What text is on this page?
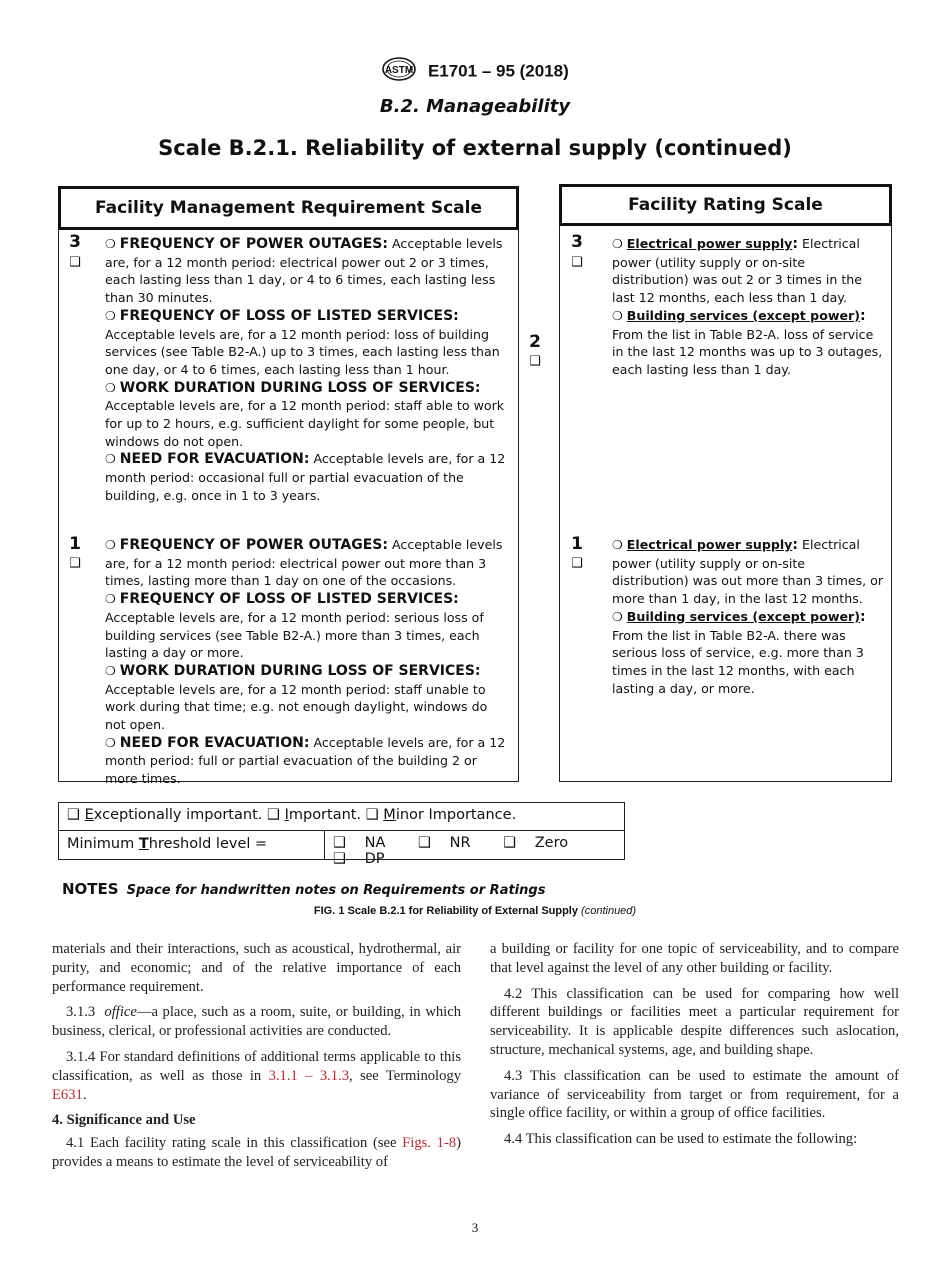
ASTM E1701 – 95 (2018)
B.2. Manageability
Scale B.2.1. Reliability of external supply (continued)
Facility Management Requirement Scale
3
❑
❍ FREQUENCY OF POWER OUTAGES: Acceptable levels are, for a 12 month period: electrical power out 2 or 3 times, each lasting less than 1 day, or 4 to 6 times, each lasting less than 30 minutes.
❍ FREQUENCY OF LOSS OF LISTED SERVICES: Acceptable levels are, for a 12 month period: loss of building services (see Table B2-A.) up to 3 times, each lasting less than one day, or 4 to 6 times, each lasting less than 1 hour.
❍ WORK DURATION DURING LOSS OF SERVICES: Acceptable levels are, for a 12 month period: staff able to work for up to 2 hours, e.g. sufficient daylight for some people, but windows do not open.
❍ NEED FOR EVACUATION: Acceptable levels are, for a 12 month period: occasional full or partial evacuation of the building, e.g. once in 1 to 3 years.
1
❑
❍ FREQUENCY OF POWER OUTAGES: Acceptable levels are, for a 12 month period: electrical power out more than 3 times, lasting more than 1 day on one of the occasions.
❍ FREQUENCY OF LOSS OF LISTED SERVICES: Acceptable levels are, for a 12 month period: serious loss of building services (see Table B2-A.) more than 3 times, each lasting a day or more.
❍ WORK DURATION DURING LOSS OF SERVICES: Acceptable levels are, for a 12 month period: staff unable to work during that time; e.g. not enough daylight, windows do not open.
❍ NEED FOR EVACUATION: Acceptable levels are, for a 12 month period: full or partial evacuation of the building 2 or more times.
2
❑
Facility Rating Scale
3
❑
❍ Electrical power supply: Electrical power (utility supply or on-site distribution) was out 2 or 3 times in the last 12 months, each less than 1 day.
❍ Building services (except power): From the list in Table B2-A. loss of service in the last 12 months was up to 3 outages, each lasting less than 1 day.
1
❑
❍ Electrical power supply: Electrical power (utility supply or on-site distribution) was out more than 3 times, or more than 1 day, in the last 12 months.
❍ Building services (except power): From the list in Table B2-A. there was serious loss of service, e.g. more than 3 times in the last 12 months, with each lasting a day, or more.
❑ Exceptionally important. ❑ Important. ❑ Minor Importance.
Minimum Threshold level =	❑ NA ❑ NR ❑ Zero ❑ DP
NOTES Space for handwritten notes on Requirements or Ratings
FIG. 1 Scale B.2.1 for Reliability of External Supply (continued)

materials and their interactions, such as acoustical, hydrothermal, air purity, and economic; and of the relative importance of each performance requirement.

3.1.3 office—a place, such as a room, suite, or building, in which business, clerical, or professional activities are conducted.

3.1.4 For standard definitions of additional terms applicable to this classification, as well as those in 3.1.1 – 3.1.3, see Terminology E631.

4. Significance and Use

4.1 Each facility rating scale in this classification (see Figs. 1-8) provides a means to estimate the level of serviceability of

a building or facility for one topic of serviceability, and to compare that level against the level of any other building or facility.

4.2 This classification can be used for comparing how well different buildings or facilities meet a particular requirement for serviceability. It is applicable despite differences such aslocation, structure, mechanical systems, age, and building shape.

4.3 This classification can be used to estimate the amount of variance of serviceability from target or from requirement, for a single office facility, or within a group of office facilities.

4.4 This classification can be used to estimate the following:

3
